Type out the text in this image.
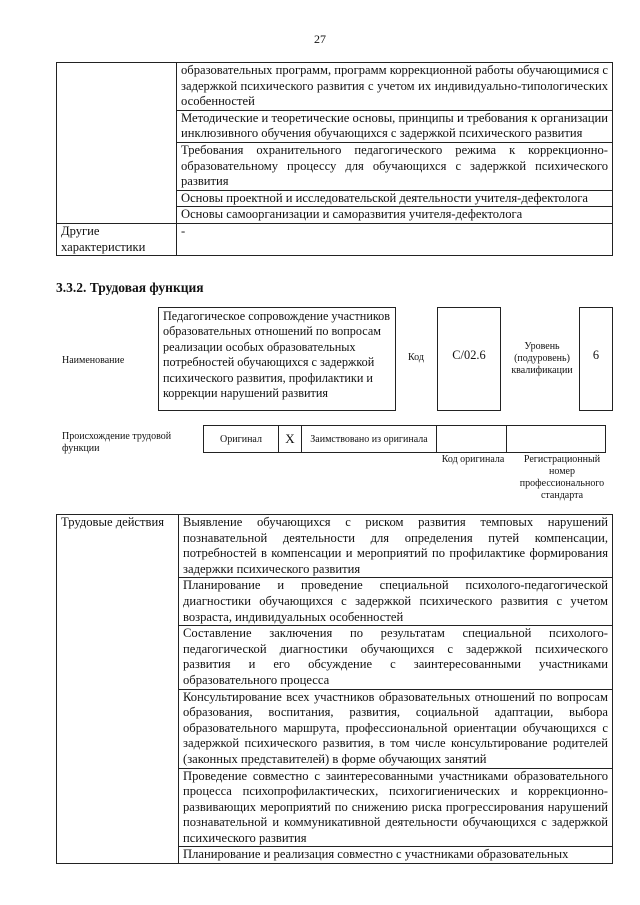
27
	образовательных программ, программ коррекционной работы обучающимися с задержкой психического развития с учетом их индивидуально-типологических особенностей
	Методические и теоретические основы, принципы и требования к организации инклюзивного обучения обучающихся с задержкой психического развития
	Требования охранительного педагогического режима к коррекционно-образовательному процессу для обучающихся с задержкой психического развития
	Основы проектной и исследовательской деятельности учителя-дефектолога
	Основы самоорганизации и саморазвития учителя-дефектолога
Другие характеристики	-
3.3.2. Трудовая функция
Наименование
Педагогическое сопровождение участников образовательных отношений по вопросам реализации особых образовательных потребностей обучающихся с задержкой психического развития, профилактики и коррекции нарушений развития
Код	C/02.6
Уровень (подуровень) квалификации
6
Происхождение трудовой функции
Оригинал	X	Заимствовано из оригинала		
Код оригинала	Регистрационный номер профессионального стандарта
Трудовые действия	Выявление обучающихся с риском развития темповых нарушений познавательной деятельности для определения путей компенсации, потребностей в компенсации и мероприятий по профилактике формирования задержки психического развития
Планирование и проведение специальной психолого-педагогической диагностики обучающихся с задержкой психического развития с учетом возраста, индивидуальных особенностей
Составление заключения по результатам специальной психолого-педагогической диагностики обучающихся с задержкой психического развития и его обсуждение с заинтересованными участниками образовательного процесса
Консультирование всех участников образовательных отношений по вопросам образования, воспитания, развития, социальной адаптации, выбора образовательного маршрута, профессиональной ориентации обучающихся с задержкой психического развития, в том числе консультирование родителей (законных представителей) в форме обучающих занятий
Проведение совместно с заинтересованными участниками образовательного процесса психопрофилактических, психогигиенических и коррекционно-развивающих мероприятий по снижению риска прогрессирования нарушений познавательной и коммуникативной деятельности обучающихся с задержкой психического развития
Планирование и реализация совместно с участниками образовательных
